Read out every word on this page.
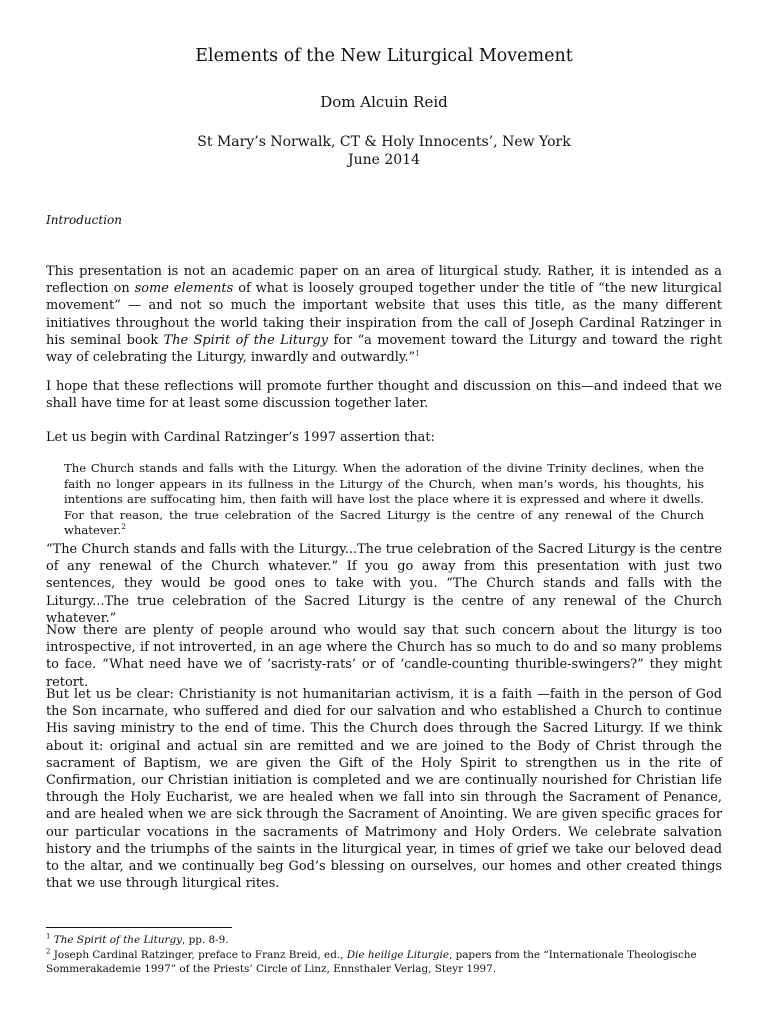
Elements of the New Liturgical Movement
Dom Alcuin Reid
St Mary’s Norwalk, CT & Holy Innocents’, New York
June 2014
Introduction

This presentation is not an academic paper on an area of liturgical study. Rather, it is intended as a reflection on some elements of what is loosely grouped together under the title of “the new liturgical movement” — and not so much the important website that uses this title, as the many different initiatives throughout the world taking their inspiration from the call of Joseph Cardinal Ratzinger in his seminal book The Spirit of the Liturgy for “a movement toward the Liturgy and toward the right way of celebrating the Liturgy, inwardly and outwardly.”$^1$

I hope that these reflections will promote further thought and discussion on this—and indeed that we shall have time for at least some discussion together later.

Let us begin with Cardinal Ratzinger’s 1997 assertion that:

The Church stands and falls with the Liturgy. When the adoration of the divine Trinity declines, when the faith no longer appears in its fullness in the Liturgy of the Church, when man’s words, his thoughts, his intentions are suffocating him, then faith will have lost the place where it is expressed and where it dwells. For that reason, the true celebration of the Sacred Liturgy is the centre of any renewal of the Church whatever.$^2$

“The Church stands and falls with the Liturgy...The true celebration of the Sacred Liturgy is the centre of any renewal of the Church whatever.” If you go away from this presentation with just two sentences, they would be good ones to take with you. “The Church stands and falls with the Liturgy...The true celebration of the Sacred Liturgy is the centre of any renewal of the Church whatever.”

Now there are plenty of people around who would say that such concern about the liturgy is too introspective, if not introverted, in an age where the Church has so much to do and so many problems to face. “What need have we of ‘sacristy-rats’ or of ‘candle-counting thurible-swingers?” they might retort.

But let us be clear: Christianity is not humanitarian activism, it is a faith —faith in the person of God the Son incarnate, who suffered and died for our salvation and who established a Church to continue His saving ministry to the end of time. This the Church does through the Sacred Liturgy. If we think about it: original and actual sin are remitted and we are joined to the Body of Christ through the sacrament of Baptism, we are given the Gift of the Holy Spirit to strengthen us in the rite of Confirmation, our Christian initiation is completed and we are continually nourished for Christian life through the Holy Eucharist, we are healed when we fall into sin through the Sacrament of Penance, and are healed when we are sick through the Sacrament of Anointing. We are given specific graces for our particular vocations in the sacraments of Matrimony and Holy Orders. We celebrate salvation history and the triumphs of the saints in the liturgical year, in times of grief we take our beloved dead to the altar, and we continually beg God’s blessing on ourselves, our homes and other created things that we use through liturgical rites.

$^1$ The Spirit of the Liturgy, pp. 8-9.
$^2$ Joseph Cardinal Ratzinger, preface to Franz Breid, ed., Die heilige Liturgie, papers from the “Internationale Theologische Sommerakademie 1997” of the Priests’ Circle of Linz, Ennsthaler Verlag, Steyr 1997.
